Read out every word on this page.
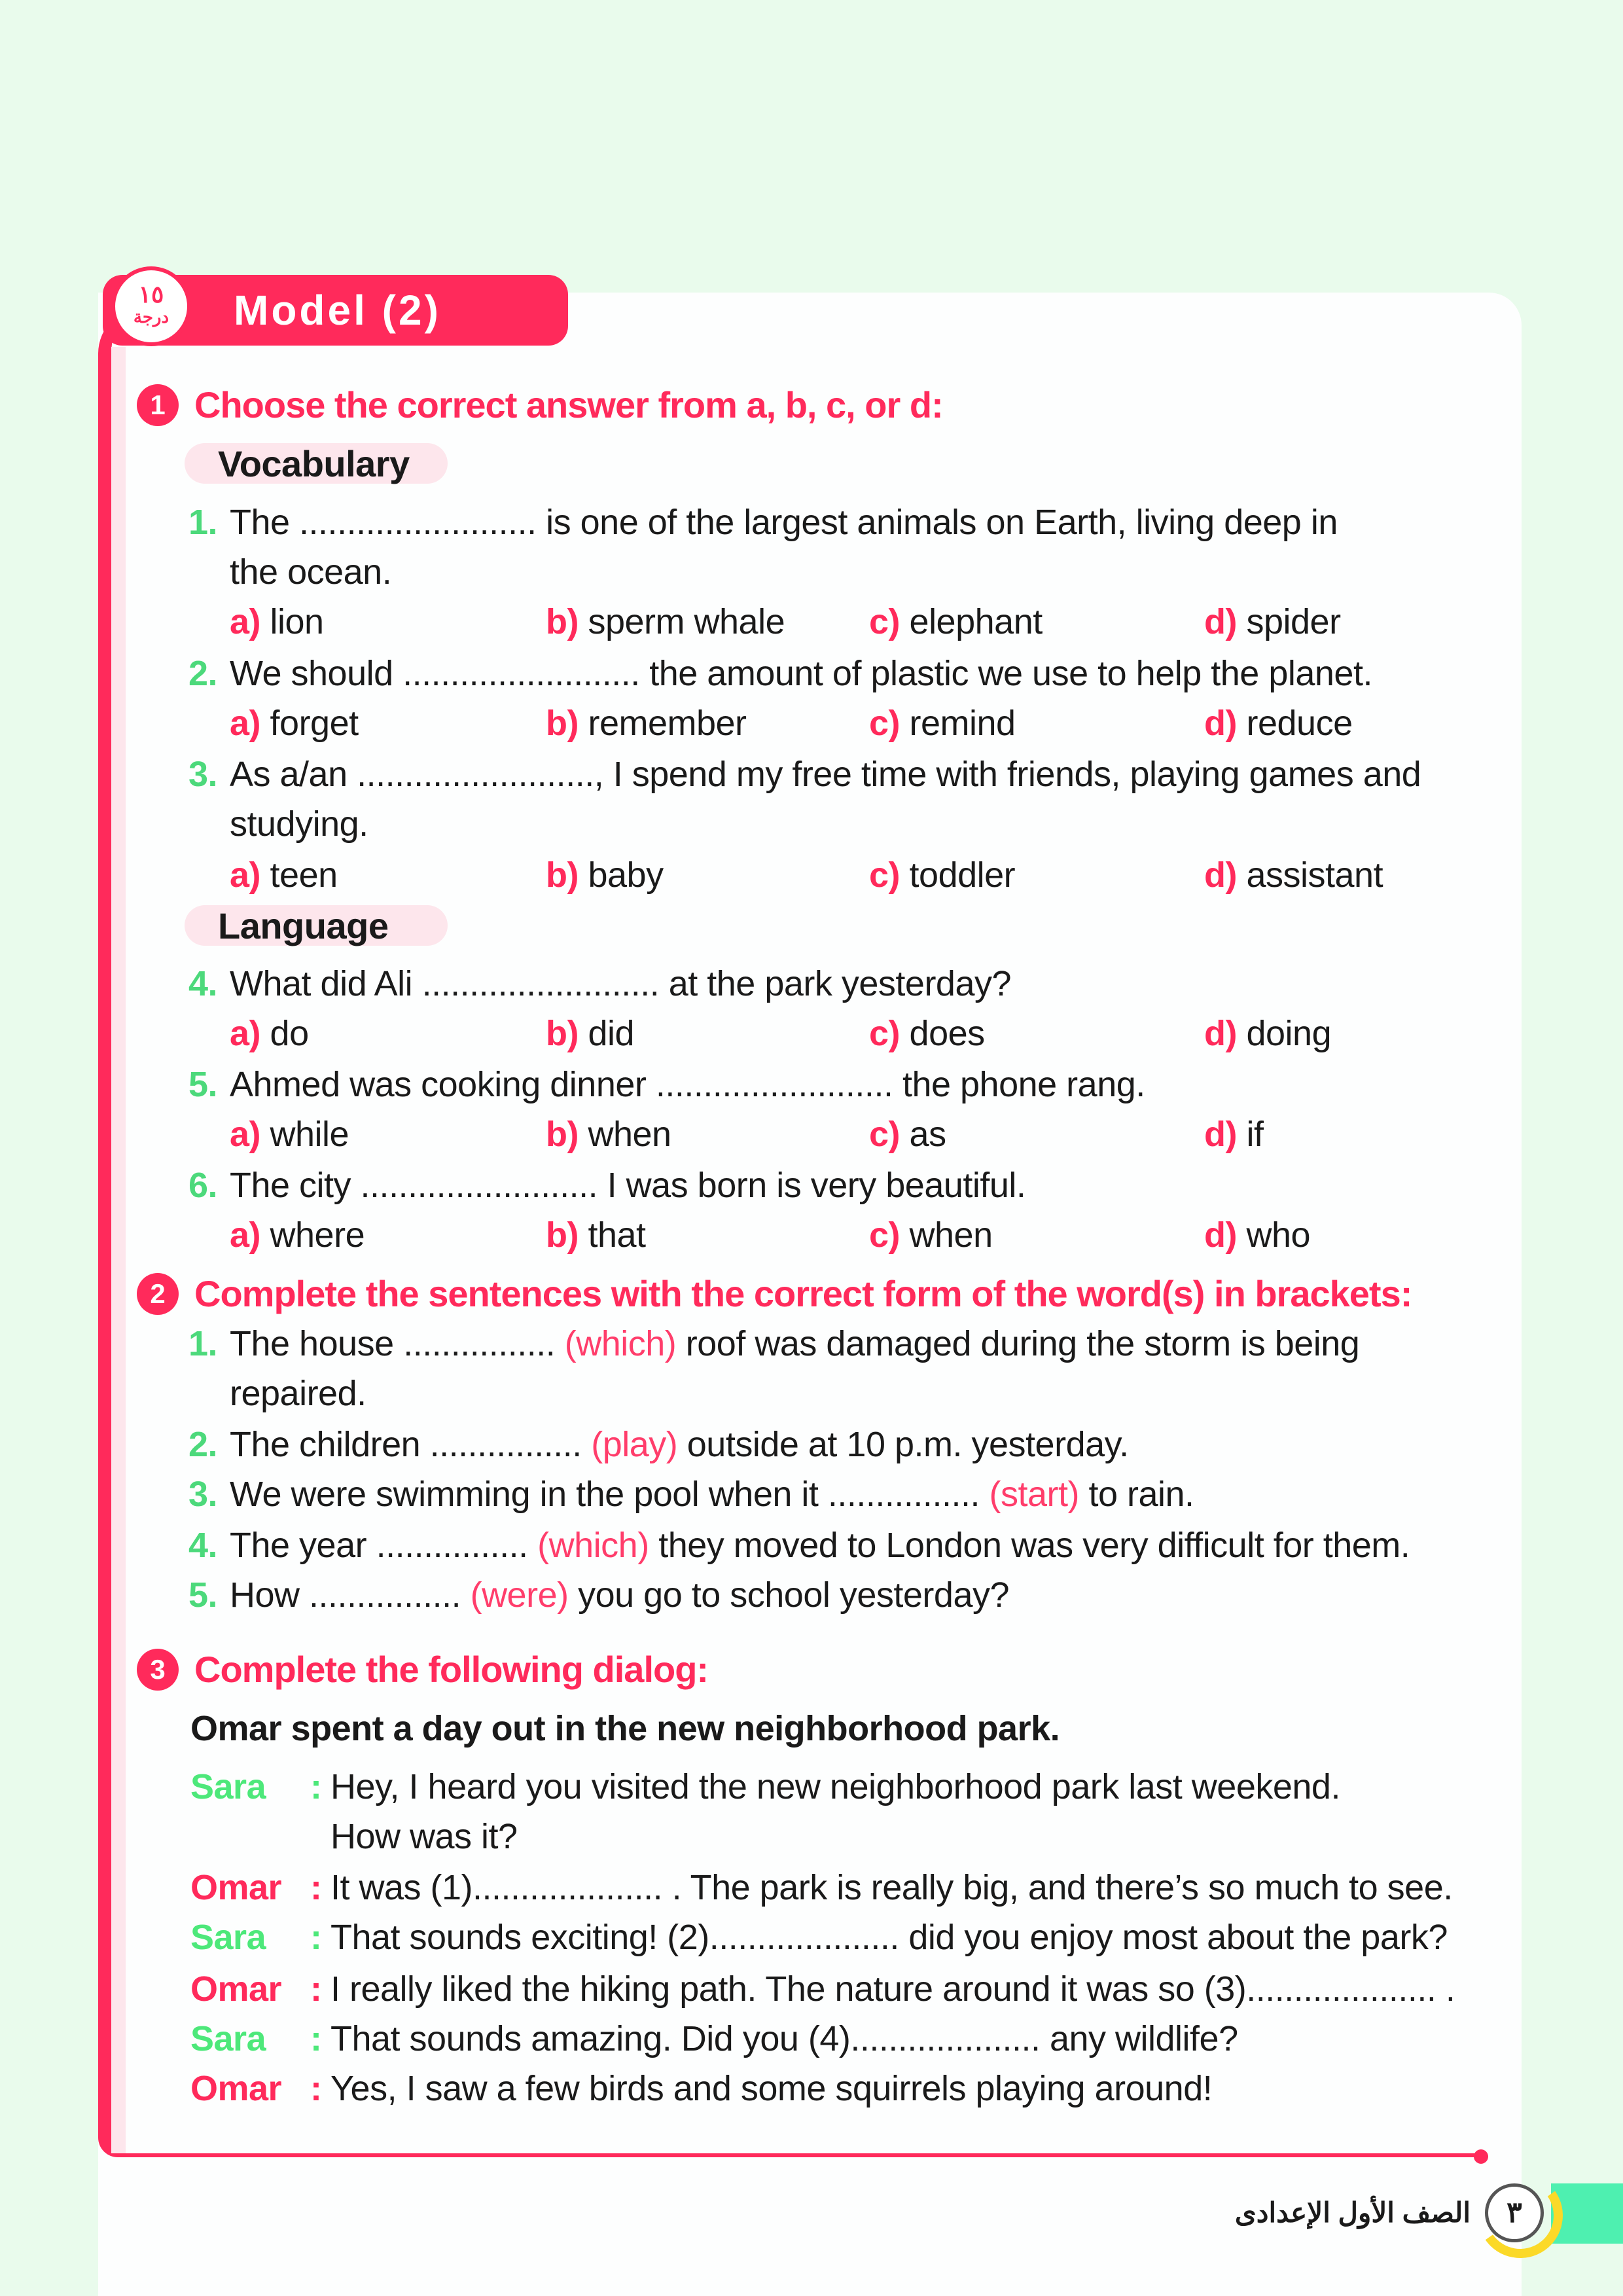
Model (2)
١٥
درجة
1 Choose the correct answer from a, b, c, or d:
Vocabulary
Language
1. The ......................... is one of the largest animals on Earth, living deep in
the ocean.
a) lion	b) sperm whale c) elephant	d) spider
2. We should ......................... the amount of plastic we use to help the planet.
a) forget	b) remember	c) remind	d) reduce
3. As a/an ........................., I spend my free time with friends, playing games and
studying.
a) teen	b) baby	c) toddler	d) assistant
4. What did Ali ......................... at the park yesterday?
a) do	b) did	c) does	d) doing
5. Ahmed was cooking dinner ......................... the phone rang.
a) while	b) when	c) as	d) if
6. The city ......................... I was born is very beautiful.
a) where	b) that	c) when	d) who
2 Complete the sentences with the correct form of the word(s) in brackets:
1. The house ................ (which) roof was damaged during the storm is being
repaired.
2. The children ................ (play) outside at 10 p.m. yesterday.
3. We were swimming in the pool when it ................ (start) to rain.
4. The year ................ (which) they moved to London was very difficult for them.
5. How ................ (were) you go to school yesterday?
3 Complete the following dialog:
Omar spent a day out in the new neighborhood park.
Sara : Hey, I heard you visited the new neighborhood park last weekend.
How was it?
Omar : It was (1).................... . The park is really big, and there’s so much to see.
Sara : That sounds exciting! (2).................... did you enjoy most about the park?
Omar : I really liked the hiking path. The nature around it was so (3).................... .
Sara : That sounds amazing. Did you (4).................... any wildlife?
Omar : Yes, I saw a few birds and some squirrels playing around!
٣
الصف الأول الإعدادى
